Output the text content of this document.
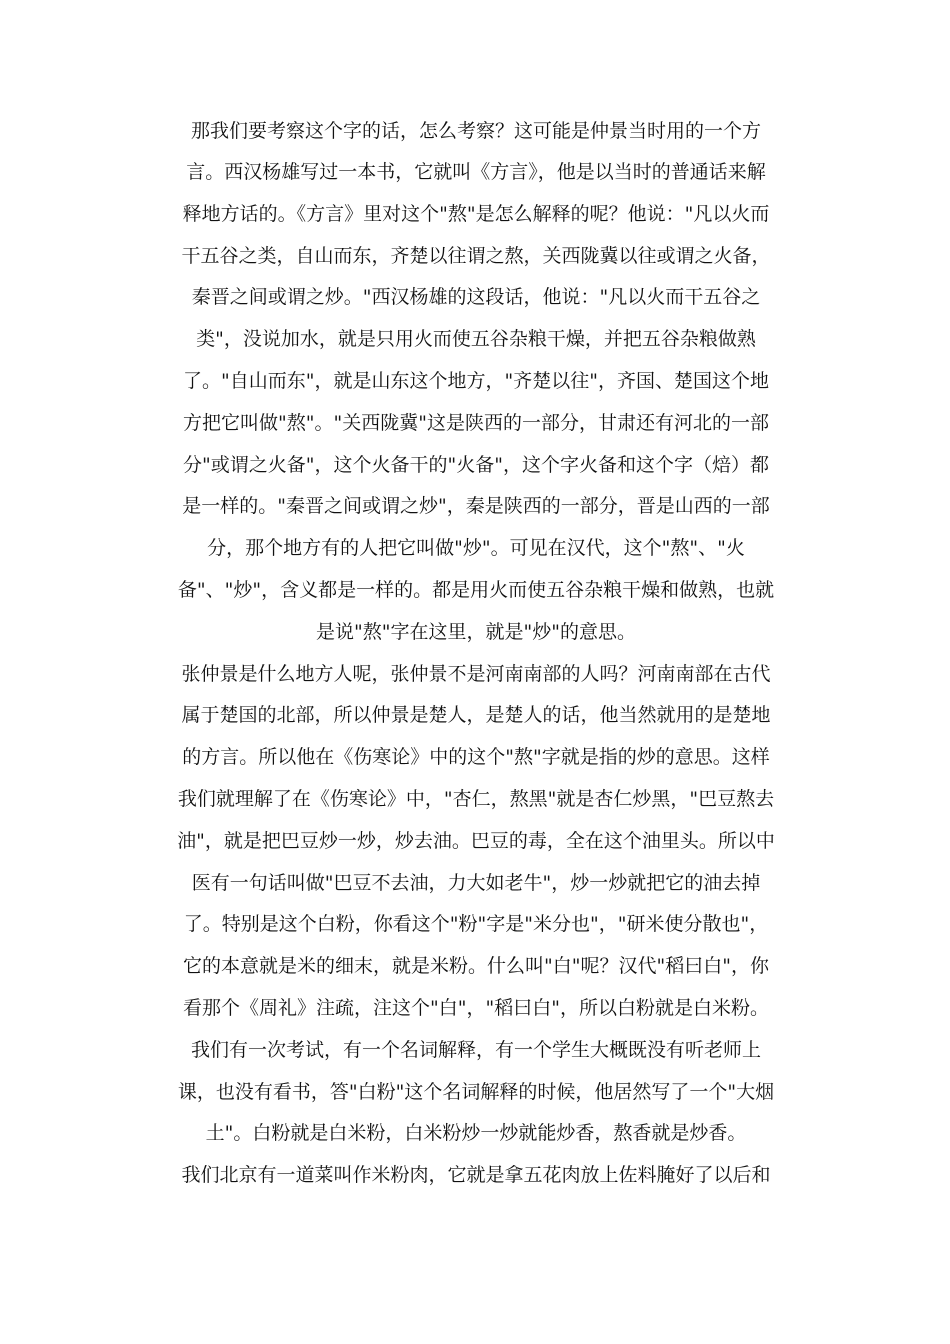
那我们要考察这个字的话，怎么考察？这可能是仲景当时用的一个方
言。西汉杨雄写过一本书，它就叫《方言》，他是以当时的普通话来解
释地方话的。《方言》里对这个"熬"是怎么解释的呢？他说："凡以火而
干五谷之类，自山而东，齐楚以往谓之熬，关西陇冀以往或谓之火备，
秦晋之间或谓之炒。"西汉杨雄的这段话，他说："凡以火而干五谷之
类"，没说加水，就是只用火而使五谷杂粮干燥，并把五谷杂粮做熟
了。"自山而东"，就是山东这个地方，"齐楚以往"，齐国、楚国这个地
方把它叫做"熬"。"关西陇冀"这是陕西的一部分，甘肃还有河北的一部
分"或谓之火备"，这个火备干的"火备"，这个字火备和这个字（焙）都
是一样的。"秦晋之间或谓之炒"，秦是陕西的一部分，晋是山西的一部
分，那个地方有的人把它叫做"炒"。可见在汉代，这个"熬"、"火
备"、"炒"，含义都是一样的。都是用火而使五谷杂粮干燥和做熟，也就
是说"熬"字在这里，就是"炒"的意思。
张仲景是什么地方人呢，张仲景不是河南南部的人吗？河南南部在古代
属于楚国的北部，所以仲景是楚人，是楚人的话，他当然就用的是楚地
的方言。所以他在《伤寒论》中的这个"熬"字就是指的炒的意思。这样
我们就理解了在《伤寒论》中，"杏仁，熬黑"就是杏仁炒黑，"巴豆熬去
油"，就是把巴豆炒一炒，炒去油。巴豆的毒，全在这个油里头。所以中
医有一句话叫做"巴豆不去油，力大如老牛"，炒一炒就把它的油去掉
了。特别是这个白粉，你看这个"粉"字是"米分也"，"研米使分散也"，
它的本意就是米的细末，就是米粉。什么叫"白"呢？汉代"稻曰白"，你
看那个《周礼》注疏，注这个"白"，"稻曰白"，所以白粉就是白米粉。
我们有一次考试，有一个名词解释，有一个学生大概既没有听老师上
课，也没有看书，答"白粉"这个名词解释的时候，他居然写了一个"大烟
土"。白粉就是白米粉，白米粉炒一炒就能炒香，熬香就是炒香。
我们北京有一道菜叫作米粉肉，它就是拿五花肉放上佐料腌好了以后和
